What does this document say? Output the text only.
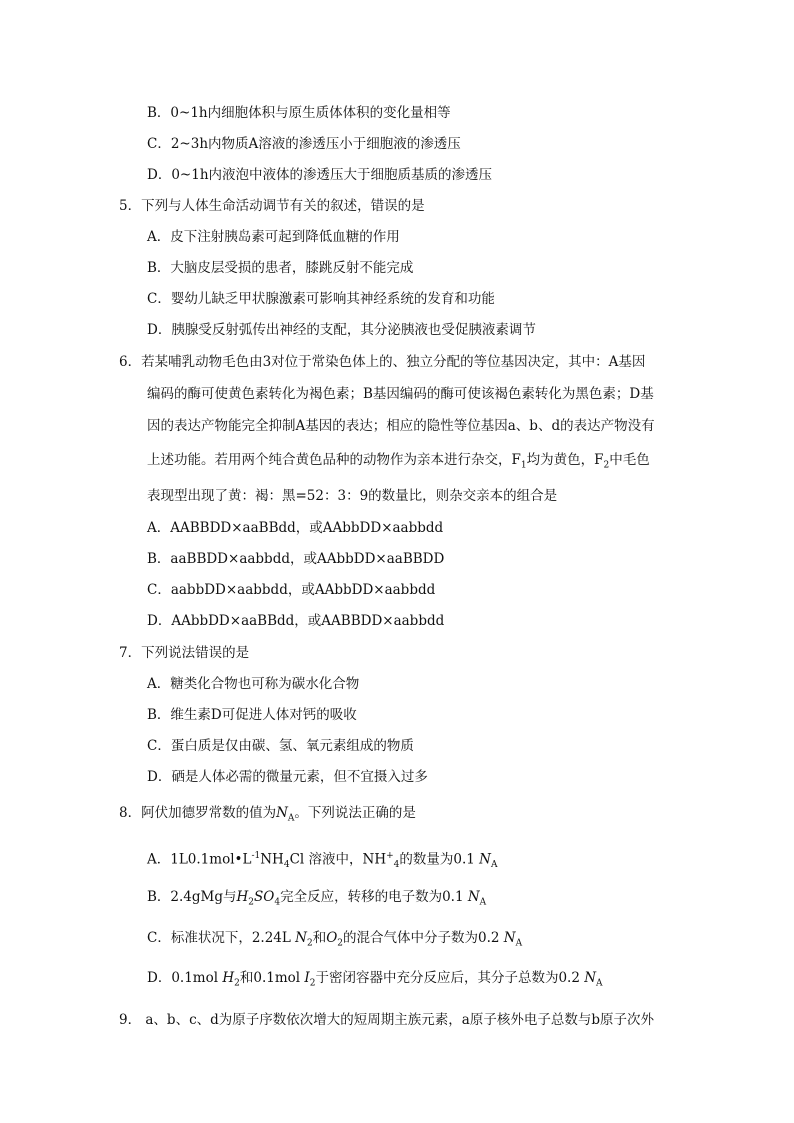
B．0~1h内细胞体积与原生质体体积的变化量相等
C．2~3h内物质A溶液的渗透压小于细胞液的渗透压
D．0~1h内液泡中液体的渗透压大于细胞质基质的渗透压
5．下列与人体生命活动调节有关的叙述，错误的是
A．皮下注射胰岛素可起到降低血糖的作用
B．大脑皮层受损的患者，膝跳反射不能完成
C．婴幼儿缺乏甲状腺激素可影响其神经系统的发育和功能
D．胰腺受反射弧传出神经的支配，其分泌胰液也受促胰液素调节
6．若某哺乳动物毛色由3对位于常染色体上的、独立分配的等位基因决定，其中：A基因
编码的酶可使黄色素转化为褐色素；B基因编码的酶可使该褐色素转化为黑色素；D基
因的表达产物能完全抑制A基因的表达；相应的隐性等位基因a、b、d的表达产物没有
上述功能。若用两个纯合黄色品种的动物作为亲本进行杂交，$F_1$均为黄色，$F_2$中毛色
表现型出现了黄：褐：黑=52：3：9的数量比，则杂交亲本的组合是
A．AABBDD×aaBBdd，或AAbbDD×aabbdd
B．aaBBDD×aabbdd，或AAbbDD×aaBBDD
C．aabbDD×aabbdd，或AAbbDD×aabbdd
D．AAbbDD×aaBBdd，或AABBDD×aabbdd
7．下列说法错误的是
A．糖类化合物也可称为碳水化合物
B．维生素D可促进人体对钙的吸收
C．蛋白质是仅由碳、氢、氧元素组成的物质
D．硒是人体必需的微量元素，但不宜摄入过多
8．阿伏加德罗常数的值为$N_A$。下列说法正确的是
A．$1L0.1mol•L^{-1}NH_4Cl$ 溶液中，$NH^+_4$的数量为0.1 $N_A$
B．2.4gMg与$H_2SO_4$完全反应，转移的电子数为0.1 $N_A$
C．标准状况下，2.24L $N_2$和$O_2$的混合气体中分子数为0.2 $N_A$
D．0.1mol $H_2$和0.1mol $I_2$于密闭容器中充分反应后，其分子总数为0.2 $N_A$
9． a、b、c、d为原子序数依次增大的短周期主族元素，a原子核外电子总数与b原子次外
